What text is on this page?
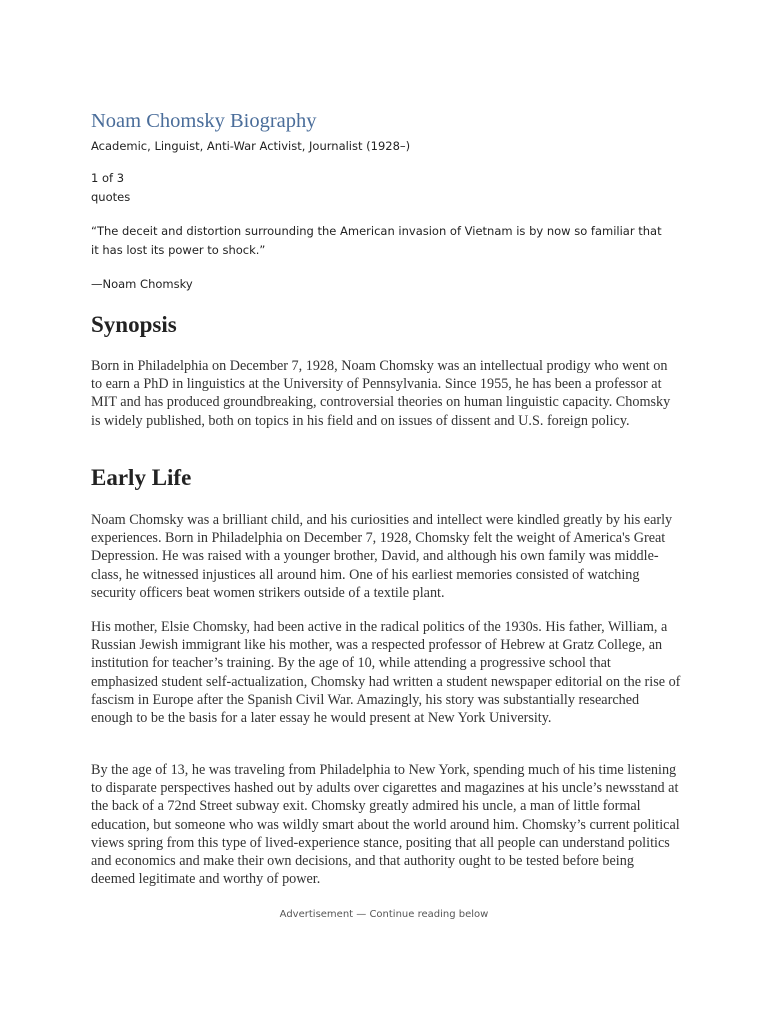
Noam Chomsky Biography

Academic, Linguist, Anti-War Activist, Journalist (1928–)

1 of 3
quotes

“The deceit and distortion surrounding the American invasion of Vietnam is by now so familiar that it has lost its power to shock.”

—Noam Chomsky

Synopsis

Born in Philadelphia on December 7, 1928, Noam Chomsky was an intellectual prodigy who went on to earn a PhD in linguistics at the University of Pennsylvania. Since 1955, he has been a professor at MIT and has produced groundbreaking, controversial theories on human linguistic capacity. Chomsky is widely published, both on topics in his field and on issues of dissent and U.S. foreign policy.

Early Life

Noam Chomsky was a brilliant child, and his curiosities and intellect were kindled greatly by his early experiences. Born in Philadelphia on December 7, 1928, Chomsky felt the weight of America's Great Depression. He was raised with a younger brother, David, and although his own family was middle-class, he witnessed injustices all around him. One of his earliest memories consisted of watching security officers beat women strikers outside of a textile plant.

His mother, Elsie Chomsky, had been active in the radical politics of the 1930s. His father, William, a Russian Jewish immigrant like his mother, was a respected professor of Hebrew at Gratz College, an institution for teacher’s training. By the age of 10, while attending a progressive school that emphasized student self-actualization, Chomsky had written a student newspaper editorial on the rise of fascism in Europe after the Spanish Civil War. Amazingly, his story was substantially researched enough to be the basis for a later essay he would present at New York University.

By the age of 13, he was traveling from Philadelphia to New York, spending much of his time listening to disparate perspectives hashed out by adults over cigarettes and magazines at his uncle’s newsstand at the back of a 72nd Street subway exit. Chomsky greatly admired his uncle, a man of little formal education, but someone who was wildly smart about the world around him. Chomsky’s current political views spring from this type of lived-experience stance, positing that all people can understand politics and economics and make their own decisions, and that authority ought to be tested before being deemed legitimate and worthy of power.

Advertisement — Continue reading below
